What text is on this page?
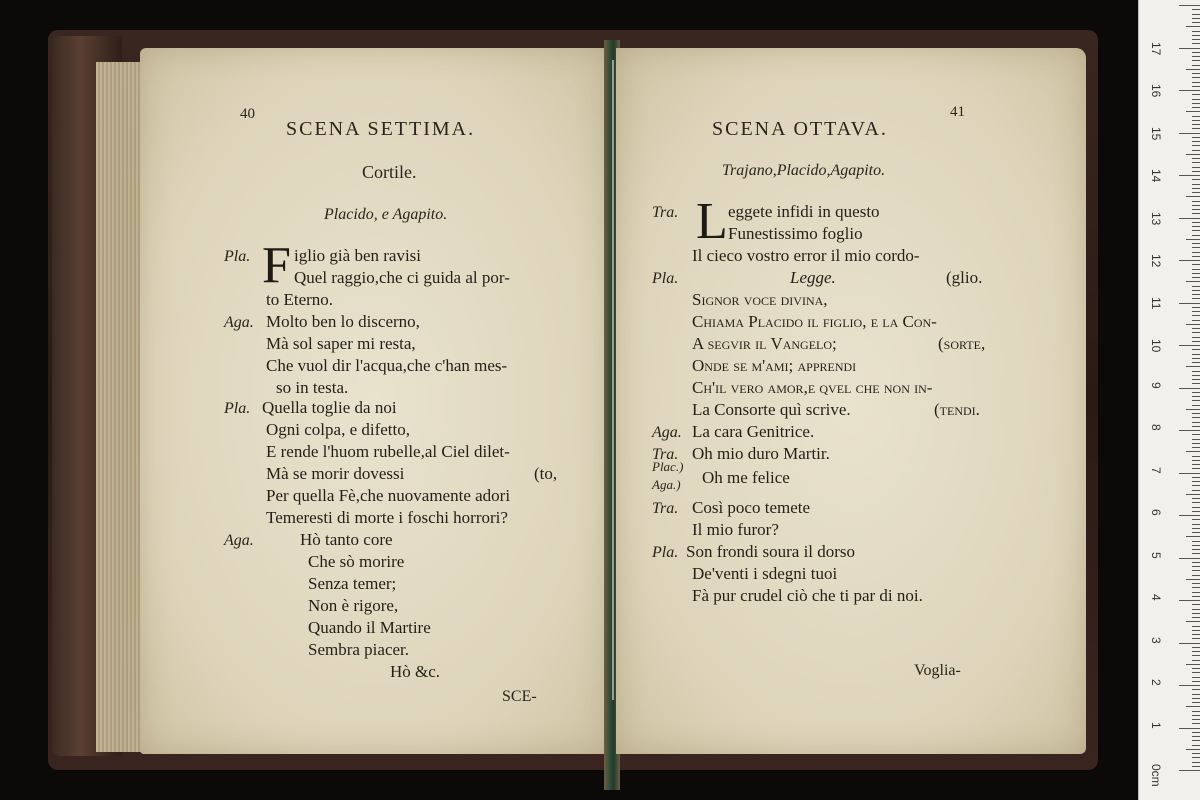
40
SCENA SETTIMA.
Cortile.
Placido, e Agapito.
Pla. F iglio già ben ravisi
Quel raggio,che ci guida al por-
to Eterno.
Aga. Molto ben lo discerno,
Mà sol saper mi resta,
Che vuol dir l'acqua,che c'han mes-
so in testa.
Pla. Quella toglie da noi
Ogni colpa, e difetto,
E rende l'huom rubelle,al Ciel dilet-
Mà se morir dovessi	(to,
Per quella Fè,che nuovamente adori
Temeresti di morte i foschi horrori?
Aga.	Hò tanto core
Che sò morire
Senza temer;
Non è rigore,
Quando il Martire
Sembra piacer.
Hò &c.
SCE-
41
SCENA OTTAVA.
Trajano,Placido,Agapito.
Tra. L eggete infidi in questo
Funestissimo foglio
Il cieco vostro error il mio cordo-
Pla.	Legge.	(glio.
Signor voce divina,
Chiama Placido il figlio, e la Con-
A segvir il Vangelo;	(sorte,
Onde se m'ami; apprendi
Ch'il vero amor,e qvel che non in-
La Consorte quì scrive.	(tendi.
Aga. La cara Genitrice.
Tra. Oh mio duro Martir.
Plac.) Aga.)	Oh me felice
Tra. Così poco temete
Il mio furor?
Pla. Son frondi soura il dorso
De'venti i sdegni tuoi
Fà pur crudel ciò che ti par di noi.
Voglia-
0cm
1
2
3
4
5
6
7
8
9
10
11
12
13
14
15
16
17
